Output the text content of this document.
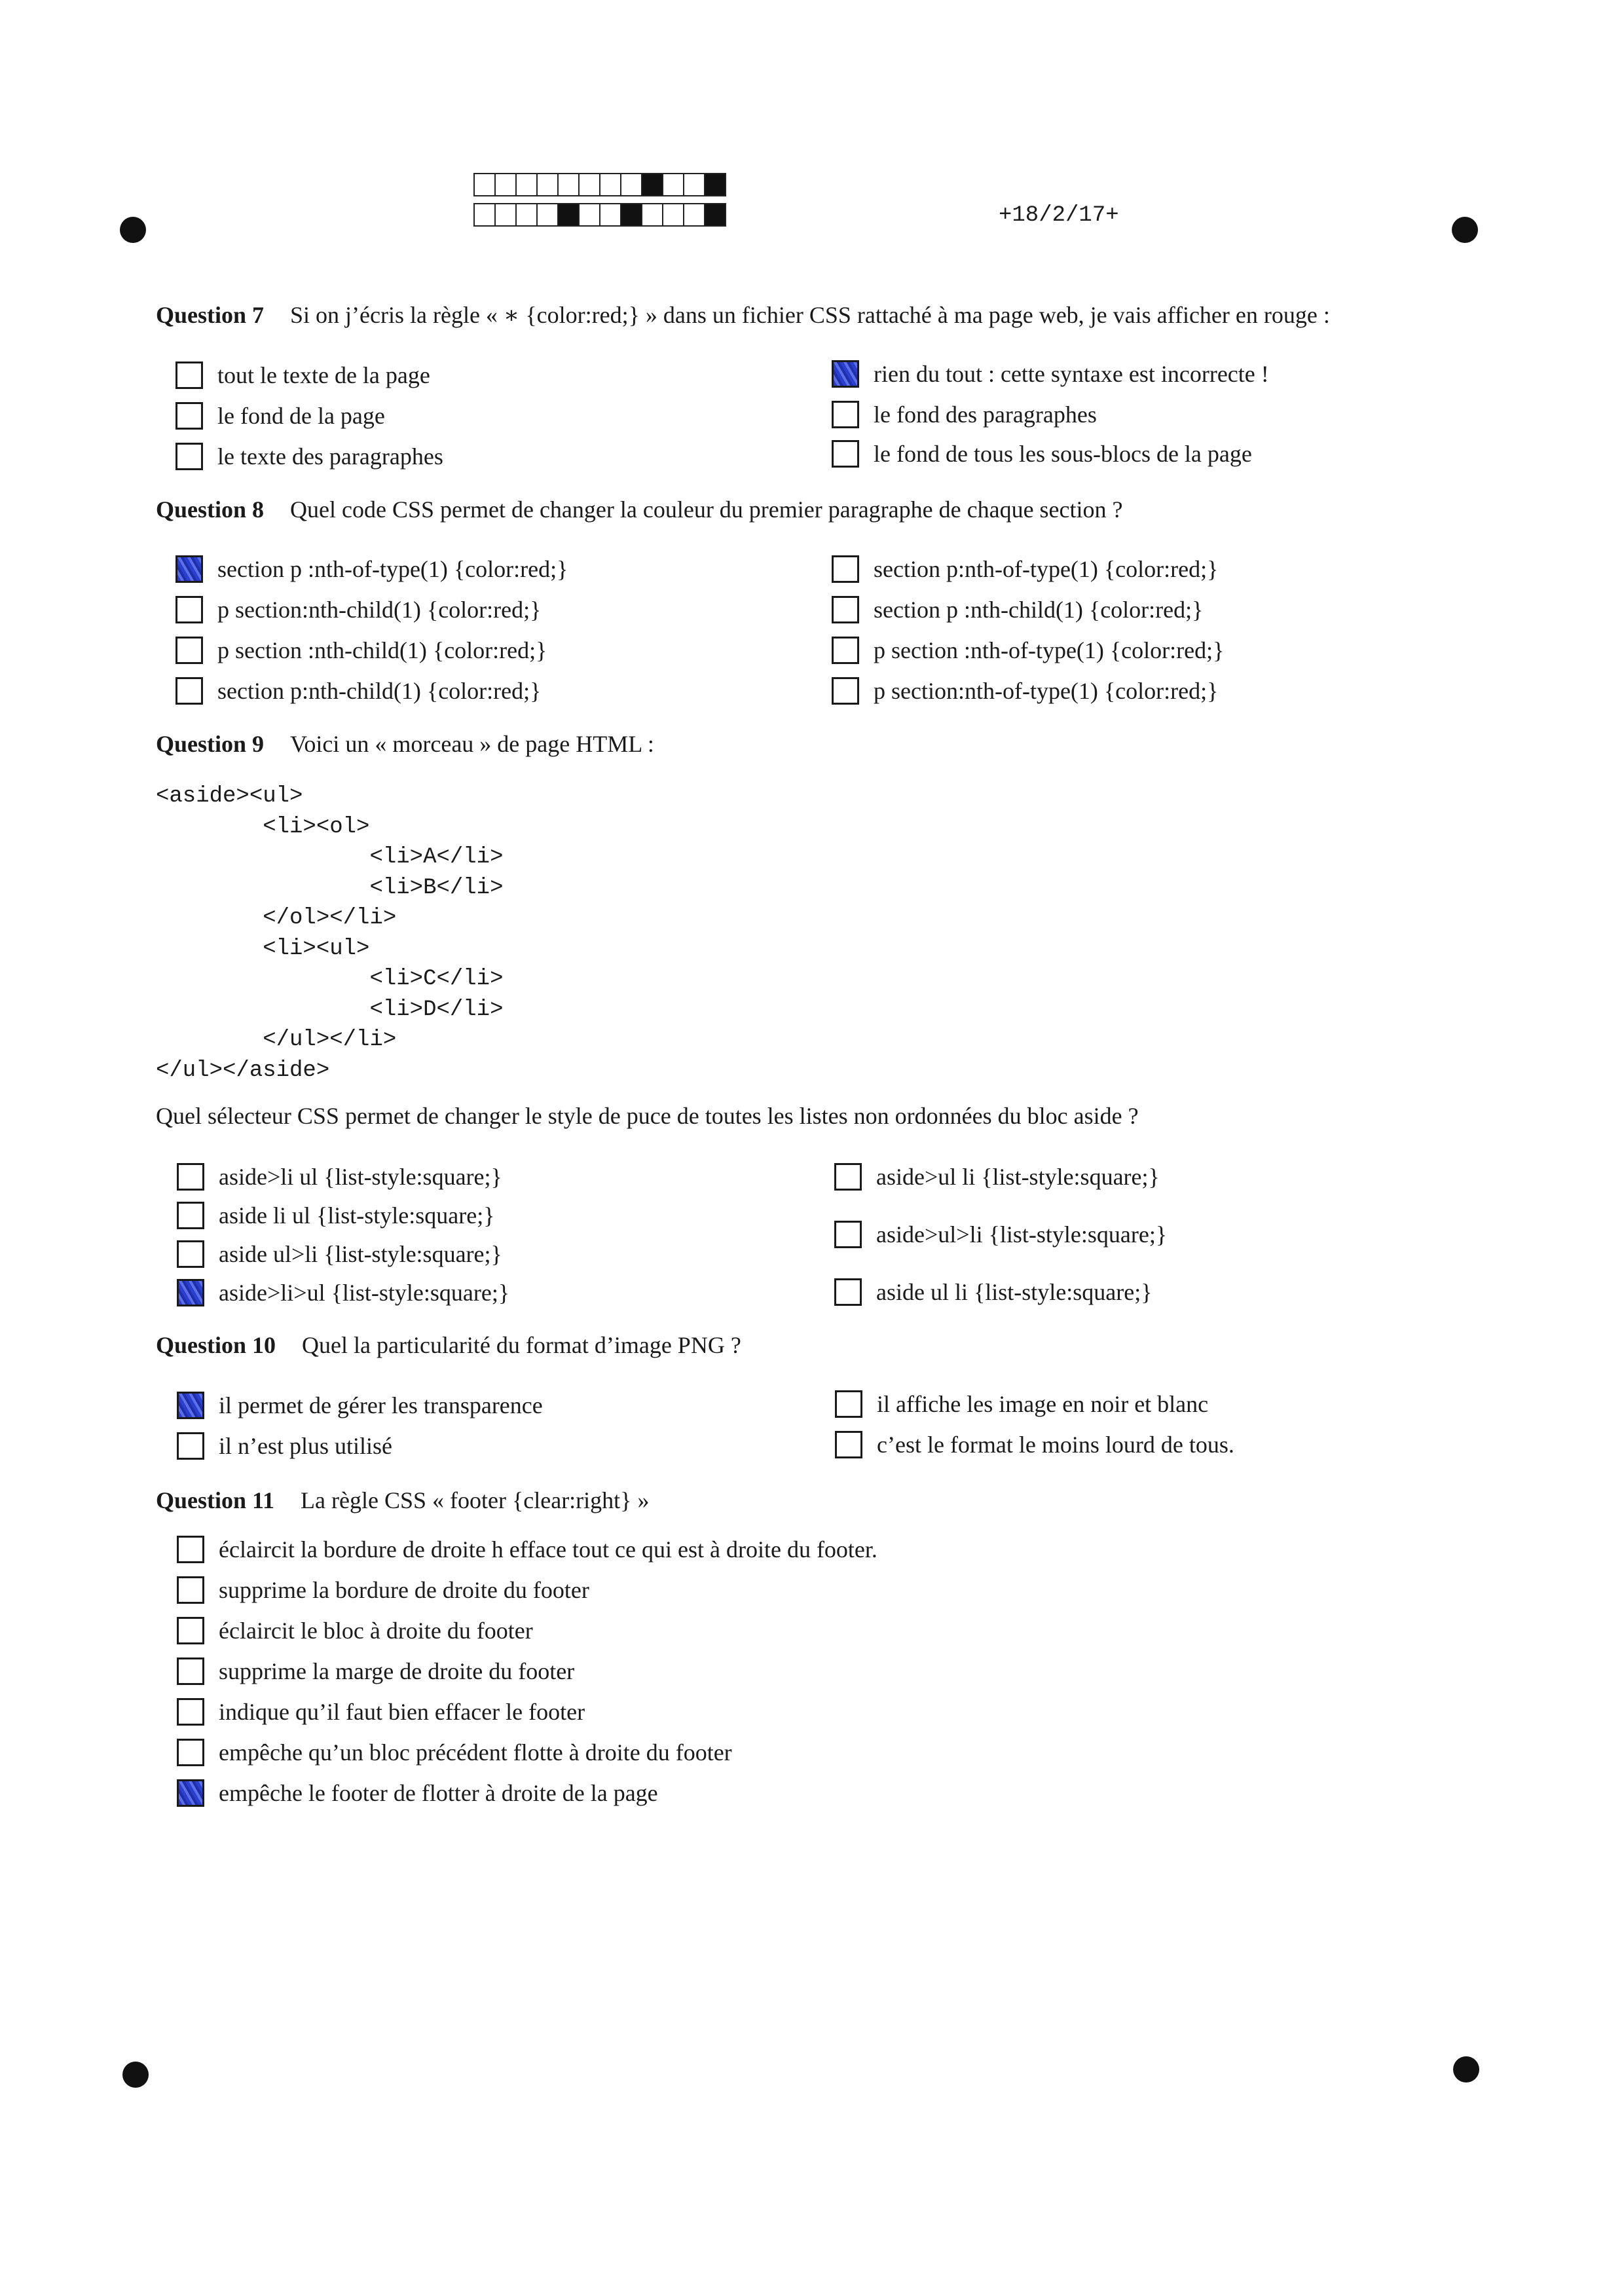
+18/2/17+
Question 7 Si on j’écris la règle « ∗ {color:red;} » dans un fichier CSS rattaché à ma page web, je vais afficher en rouge :
tout le texte de la page
le fond de la page
le texte des paragraphes
rien du tout : cette syntaxe est incorrecte !
le fond des paragraphes
le fond de tous les sous-blocs de la page
Question 8 Quel code CSS permet de changer la couleur du premier paragraphe de chaque section ?
section p :nth-of-type(1) {color:red;}
p section:nth-child(1) {color:red;}
p section :nth-child(1) {color:red;}
section p:nth-child(1) {color:red;}
section p:nth-of-type(1) {color:red;}
section p :nth-child(1) {color:red;}
p section :nth-of-type(1) {color:red;}
p section:nth-of-type(1) {color:red;}
Question 9 Voici un « morceau » de page HTML :
<aside><ul>
<li><ol>
<li>A</li>
<li>B</li>
</ol></li>
<li><ul>
<li>C</li>
<li>D</li>
</ul></li>
</ul></aside>
Quel sélecteur CSS permet de changer le style de puce de toutes les listes non ordonnées du bloc aside ?
aside>li ul {list-style:square;}
aside li ul {list-style:square;}
aside ul>li {list-style:square;}
aside>li>ul {list-style:square;}
aside>ul li {list-style:square;}
aside>ul>li {list-style:square;}
aside ul li {list-style:square;}
Question 10 Quel la particularité du format d’image PNG ?
il permet de gérer les transparence
il n’est plus utilisé
il affiche les image en noir et blanc
c’est le format le moins lourd de tous.
Question 11 La règle CSS « footer {clear:right} »
éclaircit la bordure de droite h efface tout ce qui est à droite du footer.
supprime la bordure de droite du footer
éclaircit le bloc à droite du footer
supprime la marge de droite du footer
indique qu’il faut bien effacer le footer
empêche qu’un bloc précédent flotte à droite du footer
empêche le footer de flotter à droite de la page
